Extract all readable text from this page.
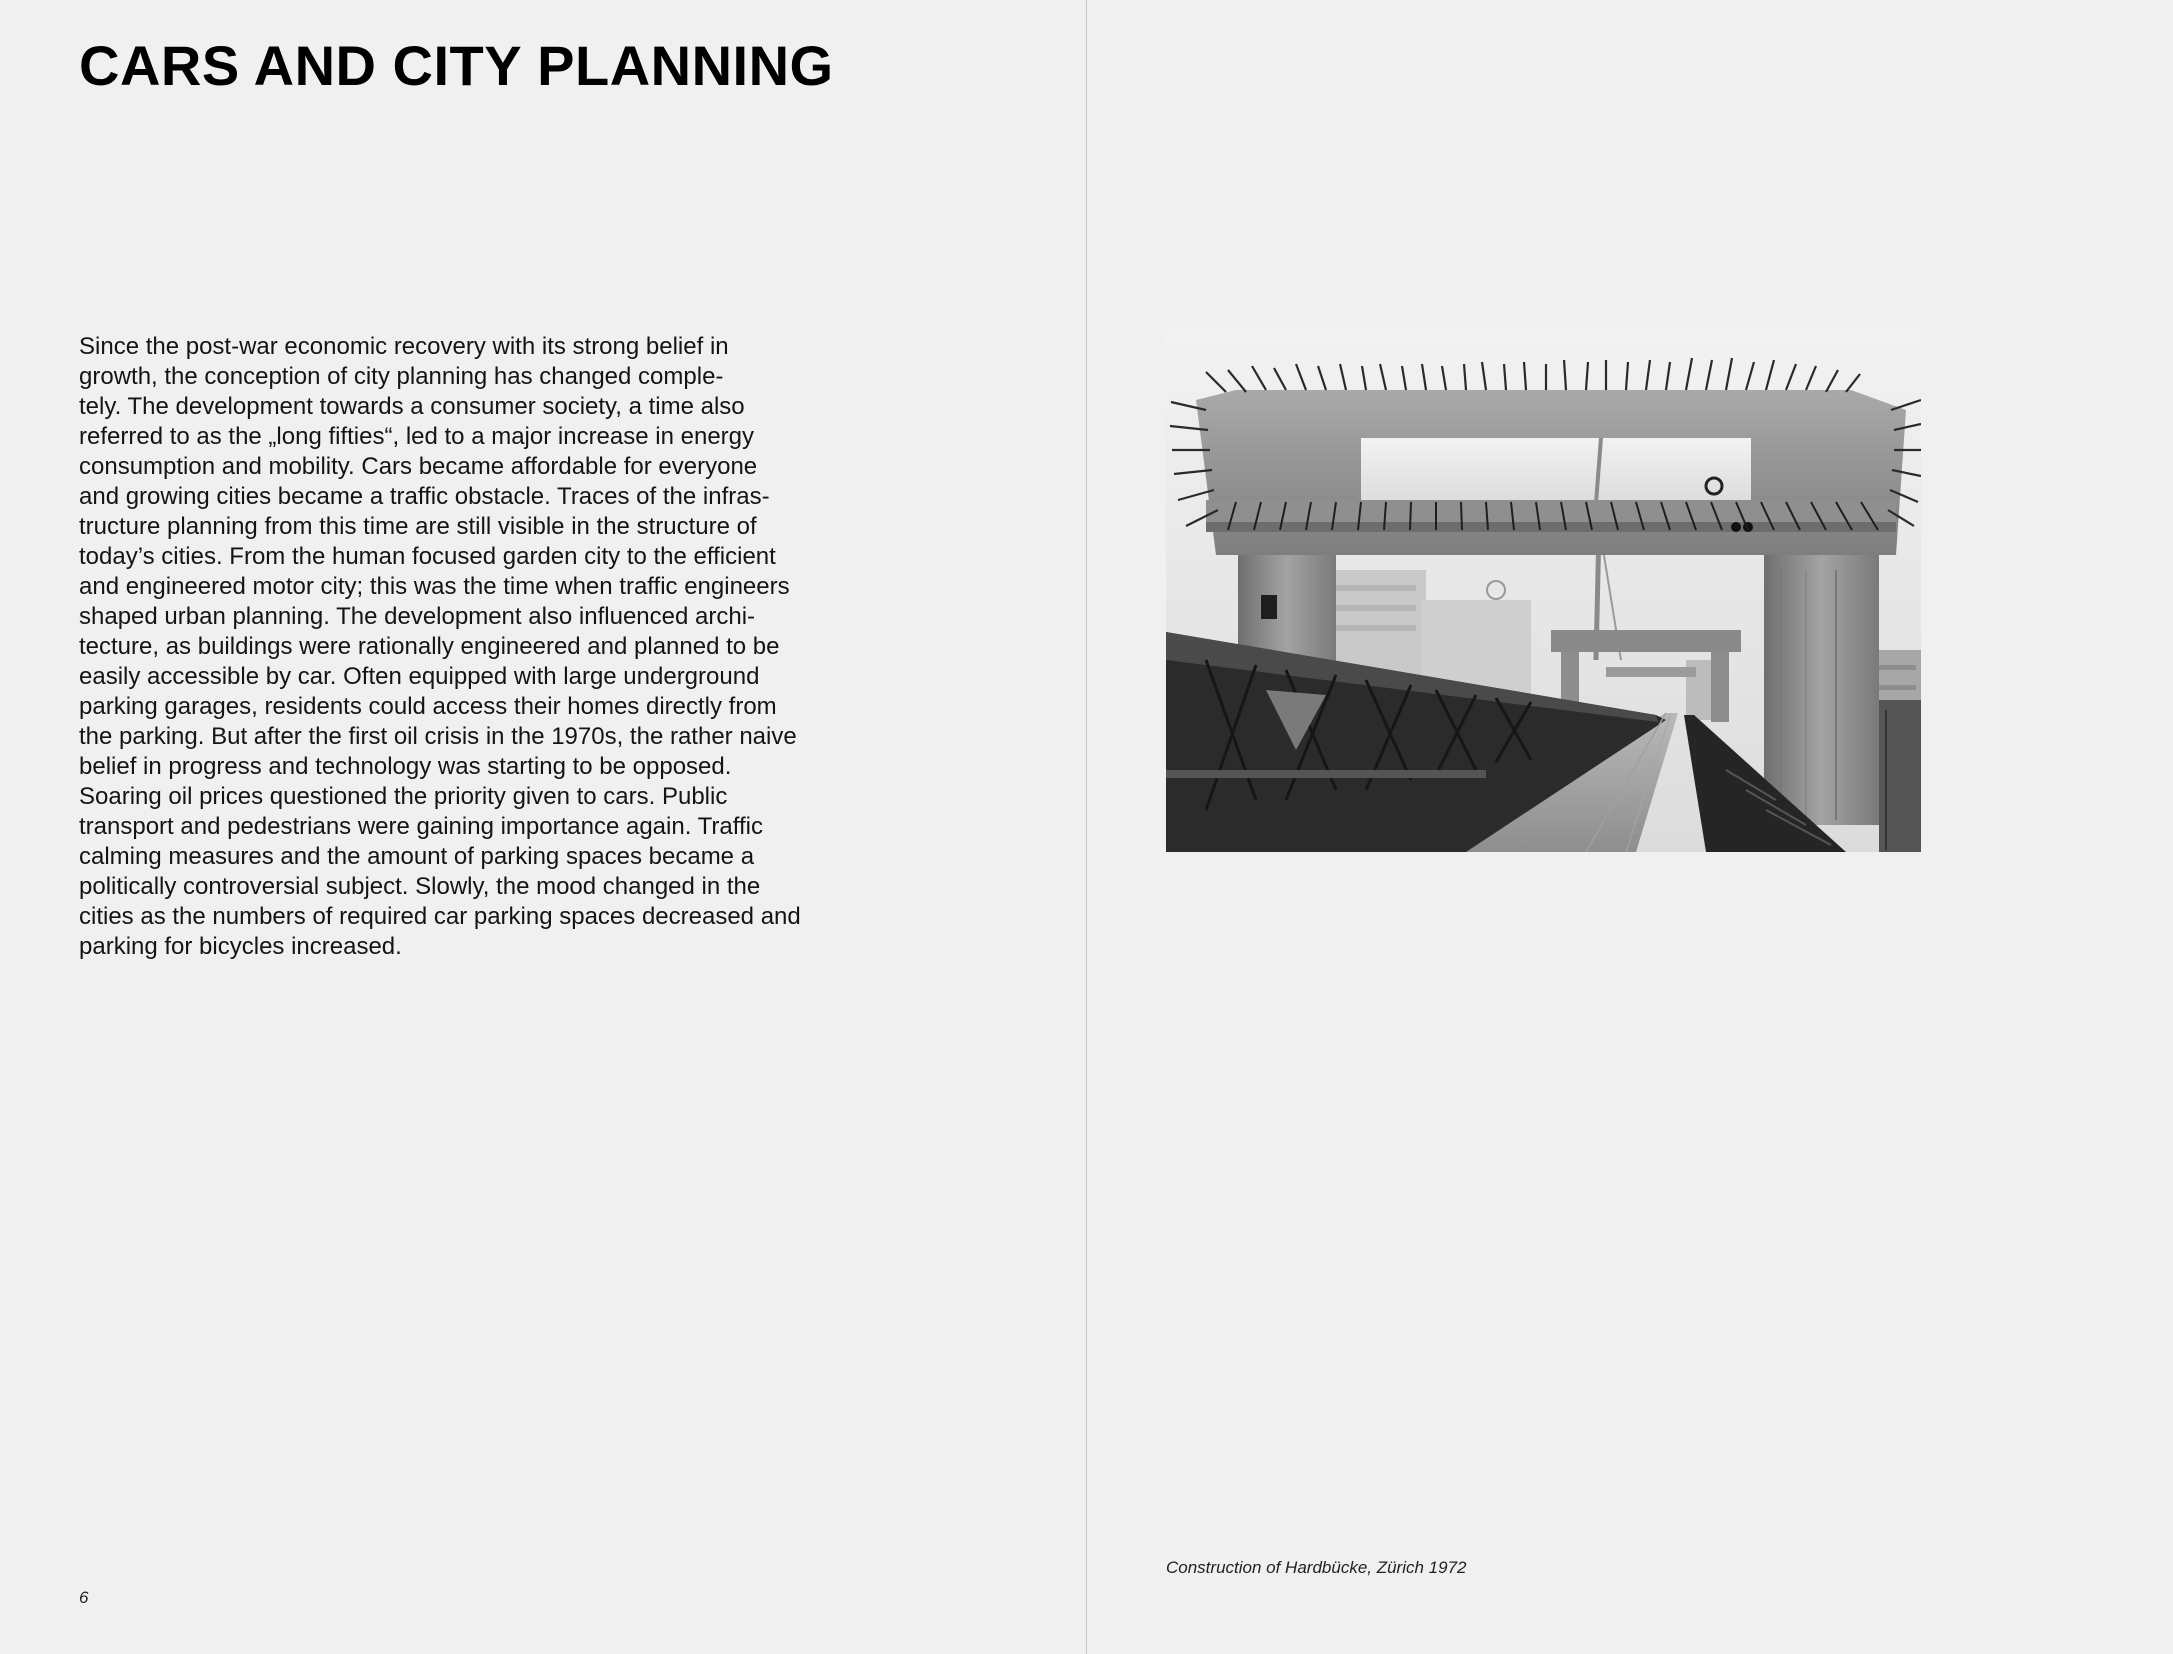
CARS AND CITY PLANNING
Since the post-war economic recovery with its strong belief in
growth, the conception of city planning has changed comple-
tely. The development towards a consumer society, a time also
referred to as the „long fifties“, led to a major increase in energy
consumption and mobility. Cars became affordable for everyone
and growing cities became a traffic obstacle. Traces of the infras-
tructure planning from this time are still visible in the structure of
today’s cities. From the human focused garden city to the efficient
and engineered motor city; this was the time when traffic engineers
shaped urban planning. The development also influenced archi-
tecture, as buildings were rationally engineered and planned to be
easily accessible by car. Often equipped with large underground
parking garages, residents could access their homes directly from
the parking. But after the first oil crisis in the 1970s, the rather naive
belief in progress and technology was starting to be opposed.
Soaring oil prices questioned the priority given to cars. Public
transport and pedestrians were gaining importance again. Traffic
calming measures and the amount of parking spaces became a
politically controversial subject. Slowly, the mood changed in the
cities as the numbers of required car parking spaces decreased and
parking for bicycles increased.
6
Construction of Hardbücke, Zürich 1972
